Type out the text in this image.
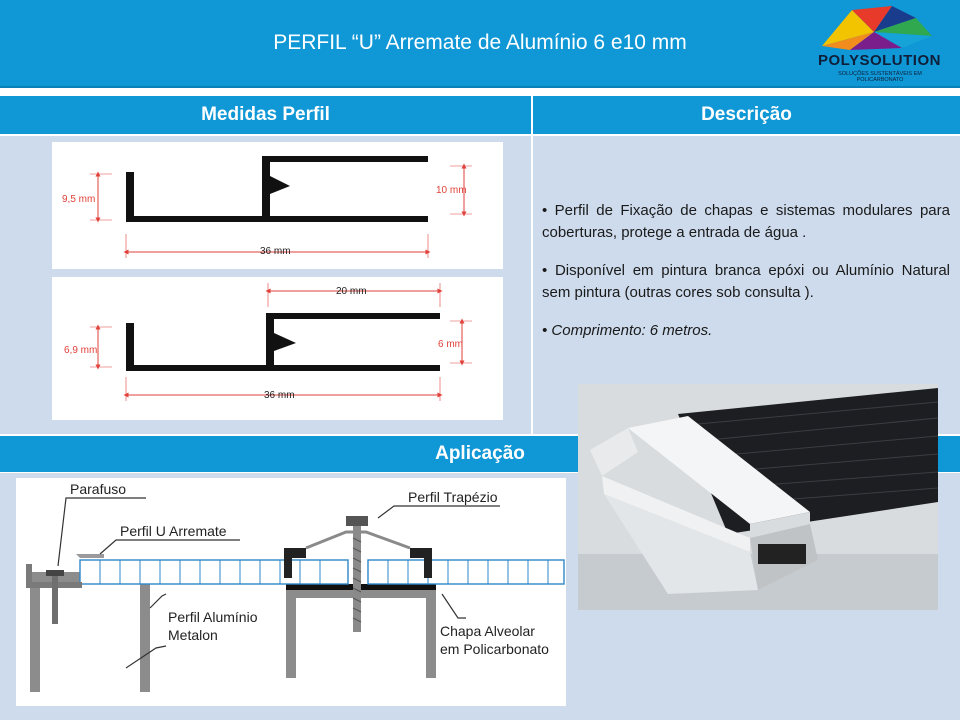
PERFIL “U” Arremate de Alumínio 6 e10 mm
POLYSOLUTION
SOLUÇÕES SUSTENTÁVEIS EM POLICARBONATO
Medidas Perfil	Descrição
9,5 mm
10 mm
36 mm
20 mm
6,9 mm
6 mm
36 mm

• Perfil de Fixação de chapas e sistemas modulares para coberturas, protege a entrada de água .

• Disponível em pintura branca epóxi ou Alumínio Natural sem pintura (outras cores sob consulta ).

• Comprimento: 6 metros.

Aplicação
Parafuso
Perfil U Arremate
Perfil Trapézio
Perfil Alumínio
Metalon	Chapa Alveolar
em Policarbonato
